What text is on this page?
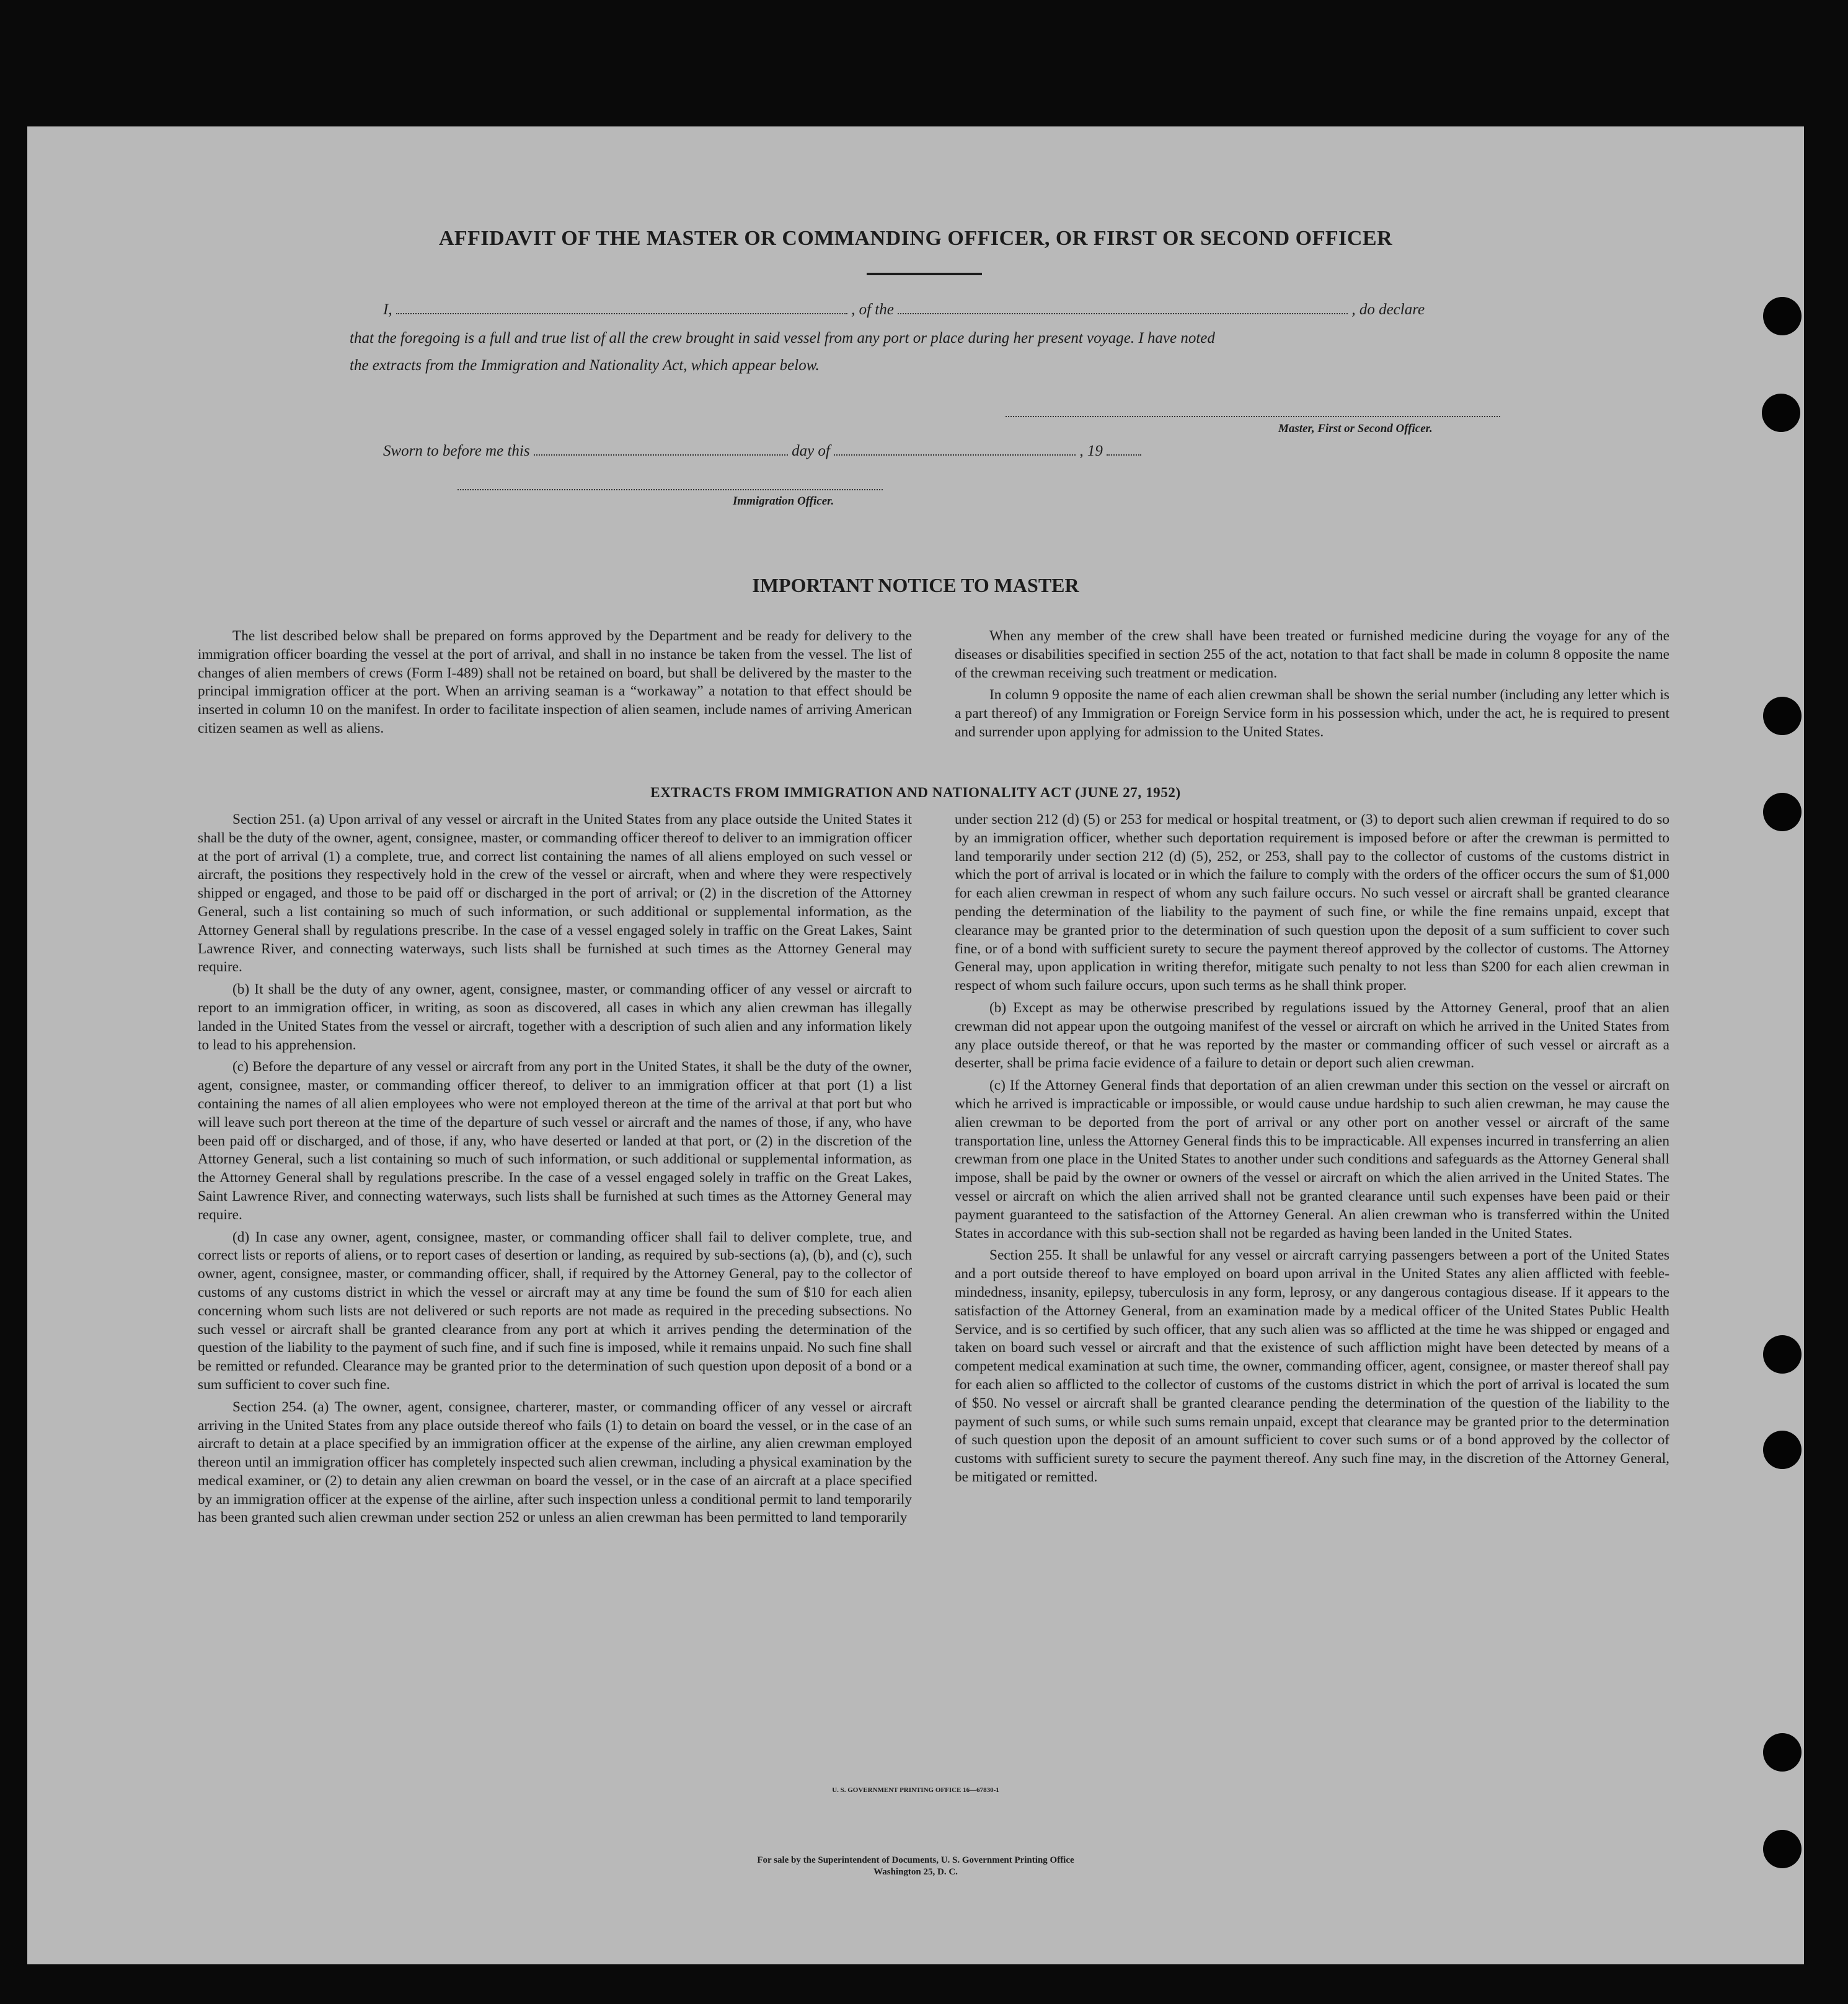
AFFIDAVIT OF THE MASTER OR COMMANDING OFFICER, OR FIRST OR SECOND OFFICER
I,	, of the	, do declare
that the foregoing is a full and true list of all the crew brought in said vessel from any port or place during her present voyage. I have noted
the extracts from the Immigration and Nationality Act, which appear below.
Master, First or Second Officer.
Sworn to before me this	day of	, 19
Immigration Officer.
IMPORTANT NOTICE TO MASTER

The list described below shall be prepared on forms approved by the Department and be ready for delivery to the immigration officer boarding the vessel at the port of arrival, and shall in no instance be taken from the vessel. The list of changes of alien members of crews (Form I-489) shall not be retained on board, but shall be delivered by the master to the principal immigration officer at the port. When an arriving seaman is a “workaway” a notation to that effect should be inserted in column 10 on the manifest. In order to facilitate inspection of alien seamen, include names of arriving American citizen seamen as well as aliens.

When any member of the crew shall have been treated or furnished medicine during the voyage for any of the diseases or disabilities specified in section 255 of the act, notation to that fact shall be made in column 8 opposite the name of the crewman receiving such treatment or medication.

In column 9 opposite the name of each alien crewman shall be shown the serial number (including any letter which is a part thereof) of any Immigration or Foreign Service form in his possession which, under the act, he is required to present and surrender upon applying for admission to the United States.

EXTRACTS FROM IMMIGRATION AND NATIONALITY ACT (JUNE 27, 1952)

Section 251. (a) Upon arrival of any vessel or aircraft in the United States from any place outside the United States it shall be the duty of the owner, agent, consignee, master, or commanding officer thereof to deliver to an immigration officer at the port of arrival (1) a complete, true, and correct list containing the names of all aliens employed on such vessel or aircraft, the positions they respectively hold in the crew of the vessel or aircraft, when and where they were respectively shipped or engaged, and those to be paid off or discharged in the port of arrival; or (2) in the discretion of the Attorney General, such a list containing so much of such information, or such additional or supplemental information, as the Attorney General shall by regulations prescribe. In the case of a vessel engaged solely in traffic on the Great Lakes, Saint Lawrence River, and connecting waterways, such lists shall be furnished at such times as the Attorney General may require.

(b) It shall be the duty of any owner, agent, consignee, master, or commanding officer of any vessel or aircraft to report to an immigration officer, in writing, as soon as discovered, all cases in which any alien crewman has illegally landed in the United States from the vessel or aircraft, together with a description of such alien and any information likely to lead to his apprehension.

(c) Before the departure of any vessel or aircraft from any port in the United States, it shall be the duty of the owner, agent, consignee, master, or commanding officer thereof, to deliver to an immigration officer at that port (1) a list containing the names of all alien employees who were not employed thereon at the time of the arrival at that port but who will leave such port thereon at the time of the departure of such vessel or aircraft and the names of those, if any, who have been paid off or discharged, and of those, if any, who have deserted or landed at that port, or (2) in the discretion of the Attorney General, such a list containing so much of such information, or such additional or supplemental information, as the Attorney General shall by regulations prescribe. In the case of a vessel engaged solely in traffic on the Great Lakes, Saint Lawrence River, and connecting waterways, such lists shall be furnished at such times as the Attorney General may require.

(d) In case any owner, agent, consignee, master, or commanding officer shall fail to deliver complete, true, and correct lists or reports of aliens, or to report cases of desertion or landing, as required by sub-sections (a), (b), and (c), such owner, agent, consignee, master, or commanding officer, shall, if required by the Attorney General, pay to the collector of customs of any customs district in which the vessel or aircraft may at any time be found the sum of $10 for each alien concerning whom such lists are not delivered or such reports are not made as required in the preceding subsections. No such vessel or aircraft shall be granted clearance from any port at which it arrives pending the determination of the question of the liability to the payment of such fine, and if such fine is imposed, while it remains unpaid. No such fine shall be remitted or refunded. Clearance may be granted prior to the determination of such question upon deposit of a bond or a sum sufficient to cover such fine.

Section 254. (a) The owner, agent, consignee, charterer, master, or commanding officer of any vessel or aircraft arriving in the United States from any place outside thereof who fails (1) to detain on board the vessel, or in the case of an aircraft to detain at a place specified by an immigration officer at the expense of the airline, any alien crewman employed thereon until an immigration officer has completely inspected such alien crewman, including a physical examination by the medical examiner, or (2) to detain any alien crewman on board the vessel, or in the case of an aircraft at a place specified by an immigration officer at the expense of the airline, after such inspection unless a conditional permit to land temporarily has been granted such alien crewman under section 252 or unless an alien crewman has been permitted to land temporarily

under section 212 (d) (5) or 253 for medical or hospital treatment, or (3) to deport such alien crewman if required to do so by an immigration officer, whether such deportation requirement is imposed before or after the crewman is permitted to land temporarily under section 212 (d) (5), 252, or 253, shall pay to the collector of customs of the customs district in which the port of arrival is located or in which the failure to comply with the orders of the officer occurs the sum of $1,000 for each alien crewman in respect of whom any such failure occurs. No such vessel or aircraft shall be granted clearance pending the determination of the liability to the payment of such fine, or while the fine remains unpaid, except that clearance may be granted prior to the determination of such question upon the deposit of a sum sufficient to cover such fine, or of a bond with sufficient surety to secure the payment thereof approved by the collector of customs. The Attorney General may, upon application in writing therefor, mitigate such penalty to not less than $200 for each alien crewman in respect of whom such failure occurs, upon such terms as he shall think proper.

(b) Except as may be otherwise prescribed by regulations issued by the Attorney General, proof that an alien crewman did not appear upon the outgoing manifest of the vessel or aircraft on which he arrived in the United States from any place outside thereof, or that he was reported by the master or commanding officer of such vessel or aircraft as a deserter, shall be prima facie evidence of a failure to detain or deport such alien crewman.

(c) If the Attorney General finds that deportation of an alien crewman under this section on the vessel or aircraft on which he arrived is impracticable or impossible, or would cause undue hardship to such alien crewman, he may cause the alien crewman to be deported from the port of arrival or any other port on another vessel or aircraft of the same transportation line, unless the Attorney General finds this to be impracticable. All expenses incurred in transferring an alien crewman from one place in the United States to another under such conditions and safeguards as the Attorney General shall impose, shall be paid by the owner or owners of the vessel or aircraft on which the alien arrived in the United States. The vessel or aircraft on which the alien arrived shall not be granted clearance until such expenses have been paid or their payment guaranteed to the satisfaction of the Attorney General. An alien crewman who is transferred within the United States in accordance with this sub-section shall not be regarded as having been landed in the United States.

Section 255. It shall be unlawful for any vessel or aircraft carrying passengers between a port of the United States and a port outside thereof to have employed on board upon arrival in the United States any alien afflicted with feeble-mindedness, insanity, epilepsy, tuberculosis in any form, leprosy, or any dangerous contagious disease. If it appears to the satisfaction of the Attorney General, from an examination made by a medical officer of the United States Public Health Service, and is so certified by such officer, that any such alien was so afflicted at the time he was shipped or engaged and taken on board such vessel or aircraft and that the existence of such affliction might have been detected by means of a competent medical examination at such time, the owner, commanding officer, agent, consignee, or master thereof shall pay for each alien so afflicted to the collector of customs of the customs district in which the port of arrival is located the sum of $50. No vessel or aircraft shall be granted clearance pending the determination of the question of the liability to the payment of such sums, or while such sums remain unpaid, except that clearance may be granted prior to the determination of such question upon the deposit of an amount sufficient to cover such sums or of a bond approved by the collector of customs with sufficient surety to secure the payment thereof. Any such fine may, in the discretion of the Attorney General, be mitigated or remitted.

U. S. GOVERNMENT PRINTING OFFICE 16—67830-1
For sale by the Superintendent of Documents, U. S. Government Printing Office
Washington 25, D. C.
